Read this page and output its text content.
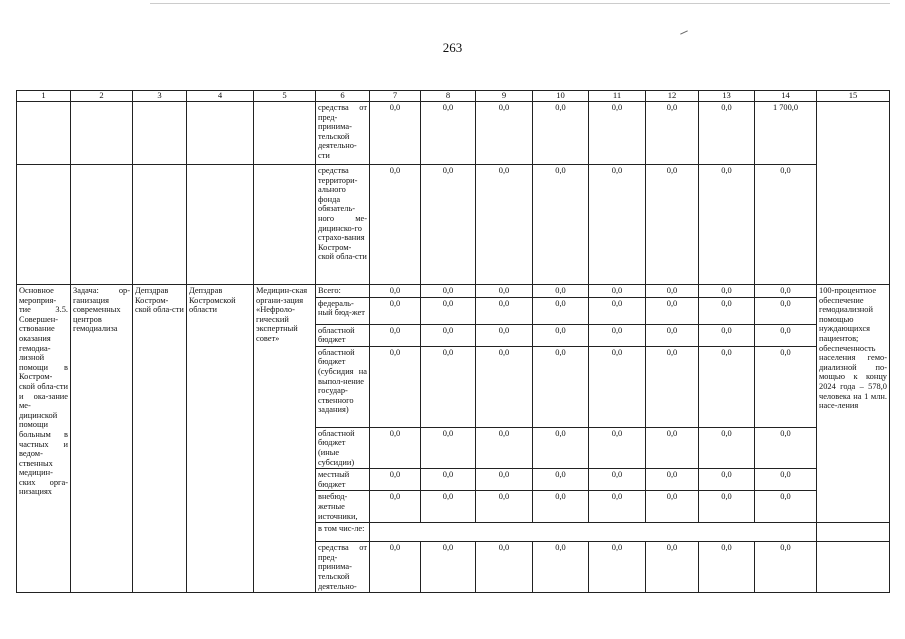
263
1	2	3	4	5	6	7	8	9	10	11	12	13	14	15
					средства от пред-принима-тельской деятельно-сти	0,0	0,0	0,0	0,0	0,0	0,0	0,0	1 700,0	
					средства территори-ального фонда обязатель-ного ме-дицинско-го страхо-вания Костром-ской обла-сти	0,0	0,0	0,0	0,0	0,0	0,0	0,0	0,0	
Основное мероприя-тие 3.5. Совершен-ствование оказания гемодиа-лизной помощи в Костром-ской обла-сти и ока-зание ме-дицинской помощи больным в частных и ведом-ственных медицин-ских орга-низациях	Задача: ор-ганизация современных центров гемодиализа	Депздрав Костром-ской обла-сти	Депздрав Костромской области	Медицин-ская органи-зация «Нефроло-гический экспертный совет»	Всего:	0,0	0,0	0,0	0,0	0,0	0,0	0,0	0,0	100-процентное обеспечение гемодиализной помощью нуждающихся пациентов; обеспеченность населения гемо-диализной по-мощью к концу 2024 года – 578,0 человека на 1 млн. насе-ления
					федераль-ный бюд-жет	0,0	0,0	0,0	0,0	0,0	0,0	0,0	0,0	
					областной бюджет	0,0	0,0	0,0	0,0	0,0	0,0	0,0	0,0	
					областной бюджет (субсидия на выпол-нение государ-ственного задания)	0,0	0,0	0,0	0,0	0,0	0,0	0,0	0,0	
					областной бюджет (иные субсидии)	0,0	0,0	0,0	0,0	0,0	0,0	0,0	0,0	
					местный бюджет	0,0	0,0	0,0	0,0	0,0	0,0	0,0	0,0	
					внебюд-жетные источники,	0,0	0,0	0,0	0,0	0,0	0,0	0,0	0,0	
					в том чис-ле:									
					средства от пред-принима-тельской деятельно-	0,0	0,0	0,0	0,0	0,0	0,0	0,0	0,0	
